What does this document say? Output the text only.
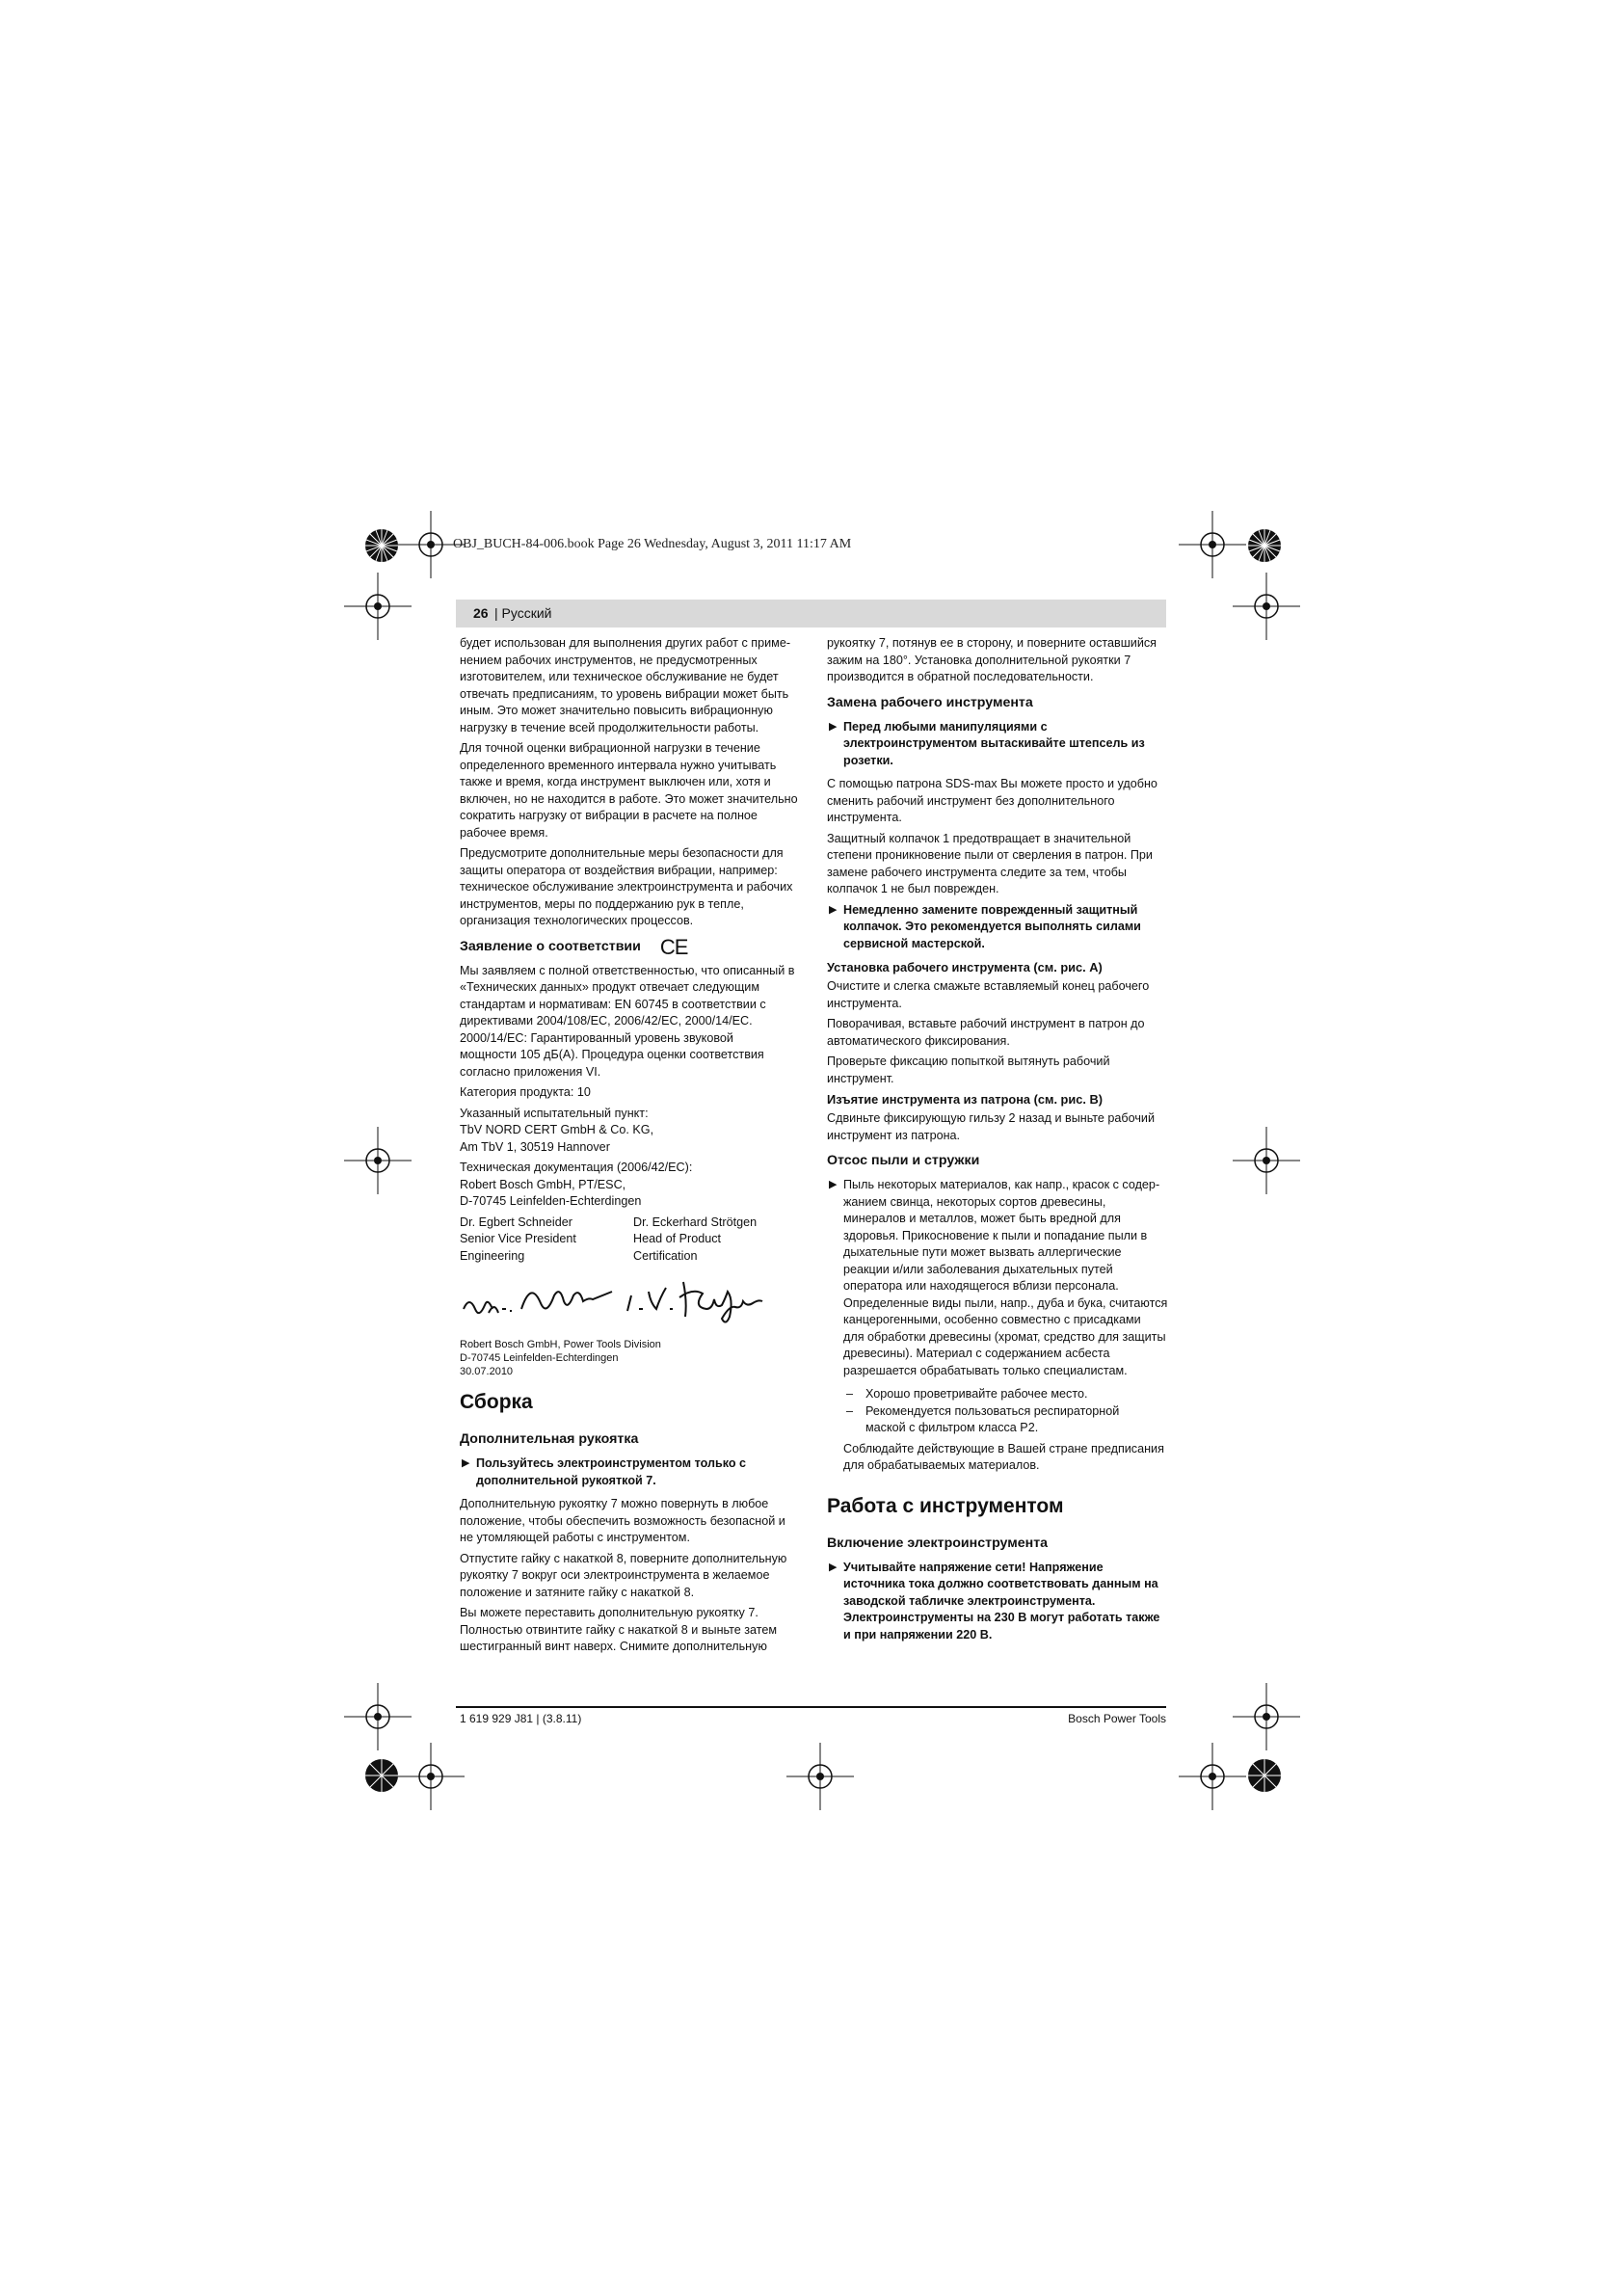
OBJ_BUCH-84-006.book Page 26 Wednesday, August 3, 2011 11:17 AM
26 | Русский

будет использован для выполнения других работ с приме-
нением рабочих инструментов, не предусмотренных
изготовителем, или техническое обслуживание не будет
отвечать предписаниям, то уровень вибрации может быть
иным. Это может значительно повысить вибрационную
нагрузку в течение всей продолжительности работы.

Для точной оценки вибрационной нагрузки в течение
определенного временного интервала нужно учитывать
также и время, когда инструмент выключен или, хотя и
включен, но не находится в работе. Это может значительно
сократить нагрузку от вибрации в расчете на полное
рабочее время.

Предусмотрите дополнительные меры безопасности для
защиты оператора от воздействия вибрации, например:
техническое обслуживание электроинструмента и рабочих
инструментов, меры по поддержанию рук в тепле,
организация технологических процессов.

Заявление о соответствии CE

Мы заявляем с полной ответственностью, что описанный в
«Технических данных» продукт отвечает следующим
стандартам и нормативам: EN 60745 в соответствии с
директивами 2004/108/EC, 2006/42/EC, 2000/14/EC.
2000/14/EC: Гарантированный уровень звуковой
мощности 105 дБ(A). Процедура оценки соответствия
согласно приложения VI.

Категория продукта: 10

Указанный испытательный пункт:
TbV NORD CERT GmbH & Co. KG,
Am TbV 1, 30519 Hannover

Техническая документация (2006/42/EC):
Robert Bosch GmbH, PT/ESC,
D-70745 Leinfelden-Echterdingen

Dr. Egbert Schneider
Senior Vice President
Engineering
Dr. Eckerhard Strötgen
Head of Product
Certification

Robert Bosch GmbH, Power Tools Division
D-70745 Leinfelden-Echterdingen
30.07.2010

Сборка
Дополнительная рукоятка
▶ Пользуйтесь электроинструментом только с
дополнительной рукояткой 7.

Дополнительную рукоятку 7 можно повернуть в любое
положение, чтобы обеспечить возможность безопасной и
не утомляющей работы с инструментом.

Отпустите гайку с накаткой 8, поверните дополнительную
рукоятку 7 вокруг оси электроинструмента в желаемое
положение и затяните гайку с накаткой 8.

Вы можете переставить дополнительную рукоятку 7.
Полностью отвинтите гайку с накаткой 8 и выньте затем
шестигранный винт наверх. Снимите дополнительную

рукоятку 7, потянув ее в сторону, и поверните оставшийся
зажим на 180°. Установка дополнительной рукоятки 7
производится в обратной последовательности.

Замена рабочего инструмента
▶ Перед любыми манипуляциями с
электроинструментом вытаскивайте штепсель из
розетки.

С помощью патрона SDS-max Вы можете просто и удобно
сменить рабочий инструмент без дополнительного
инструмента.

Защитный колпачок 1 предотвращает в значительной
степени проникновение пыли от сверления в патрон. При
замене рабочего инструмента следите за тем, чтобы
колпачок 1 не был поврежден.

▶ Немедленно замените поврежденный защитный
колпачок. Это рекомендуется выполнять силами
сервисной мастерской.
Установка рабочего инструмента (см. рис. A)

Очистите и слегка смажьте вставляемый конец рабочего
инструмента.

Поворачивая, вставьте рабочий инструмент в патрон до
автоматического фиксирования.

Проверьте фиксацию попыткой вытянуть рабочий
инструмент.

Изъятие инструмента из патрона (см. рис. B)

Сдвиньте фиксирующую гильзу 2 назад и выньте рабочий
инструмент из патрона.

Отсос пыли и стружки
▶ Пыль некоторых материалов, как напр., красок с содер-
жанием свинца, некоторых сортов древесины,
минералов и металлов, может быть вредной для
здоровья. Прикосновение к пыли и попадание пыли в
дыхательные пути может вызвать аллергические
реакции и/или заболевания дыхательных путей
оператора или находящегося вблизи персонала.
Определенные виды пыли, напр., дуба и бука, считаются
канцерогенными, особенно совместно с присадками
для обработки древесины (хромат, средство для защиты
древесины). Материал с содержанием асбеста
разрешается обрабатывать только специалистам.

– Хорошо проветривайте рабочее место.

– Рекомендуется пользоваться респираторной
маской с фильтром класса P2.

Соблюдайте действующие в Вашей стране предписания
для обрабатываемых материалов.

Работа с инструментом
Включение электроинструмента
▶ Учитывайте напряжение сети! Напряжение
источника тока должно соответствовать данным на
заводской табличке электроинструмента.
Электроинструменты на 230 В могут работать также
и при напряжении 220 В.
1 619 929 J81 | (3.8.11)	Bosch Power Tools
